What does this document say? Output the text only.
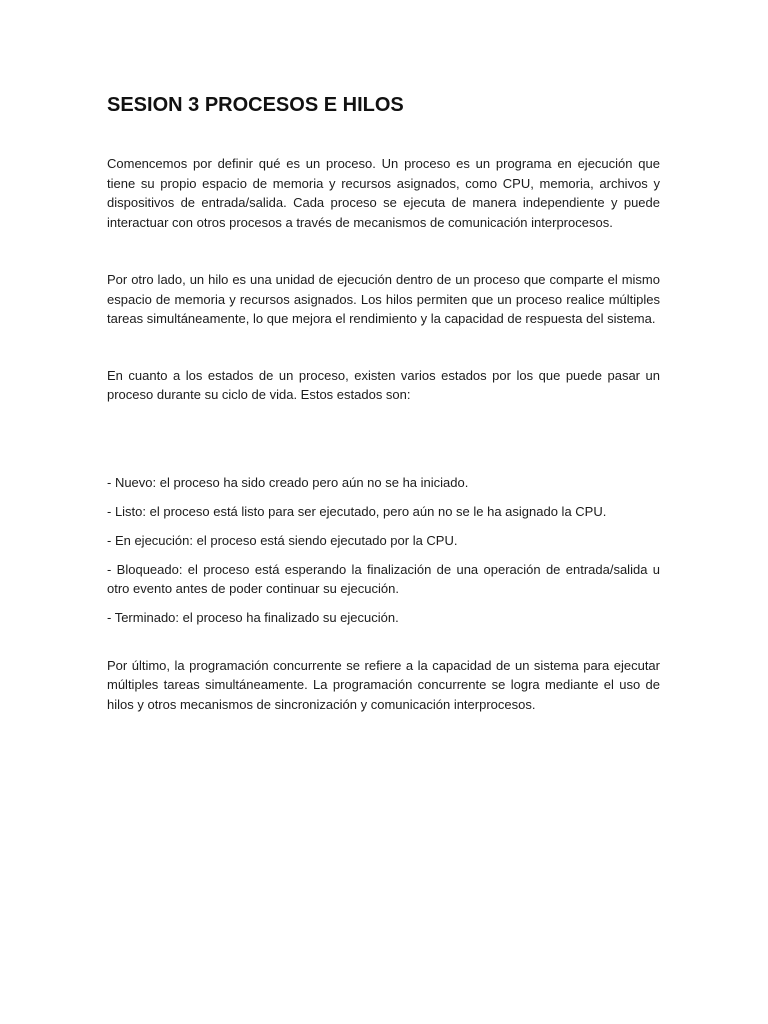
SESION 3 PROCESOS E HILOS

Comencemos por definir qué es un proceso. Un proceso es un programa en ejecución que tiene su propio espacio de memoria y recursos asignados, como CPU, memoria, archivos y dispositivos de entrada/salida. Cada proceso se ejecuta de manera independiente y puede interactuar con otros procesos a través de mecanismos de comunicación interprocesos.

Por otro lado, un hilo es una unidad de ejecución dentro de un proceso que comparte el mismo espacio de memoria y recursos asignados. Los hilos permiten que un proceso realice múltiples tareas simultáneamente, lo que mejora el rendimiento y la capacidad de respuesta del sistema.

En cuanto a los estados de un proceso, existen varios estados por los que puede pasar un proceso durante su ciclo de vida. Estos estados son:

- Nuevo: el proceso ha sido creado pero aún no se ha iniciado.
- Listo: el proceso está listo para ser ejecutado, pero aún no se le ha asignado la CPU.
- En ejecución: el proceso está siendo ejecutado por la CPU.
- Bloqueado: el proceso está esperando la finalización de una operación de entrada/salida u otro evento antes de poder continuar su ejecución.
- Terminado: el proceso ha finalizado su ejecución.

Por último, la programación concurrente se refiere a la capacidad de un sistema para ejecutar múltiples tareas simultáneamente. La programación concurrente se logra mediante el uso de hilos y otros mecanismos de sincronización y comunicación interprocesos.
